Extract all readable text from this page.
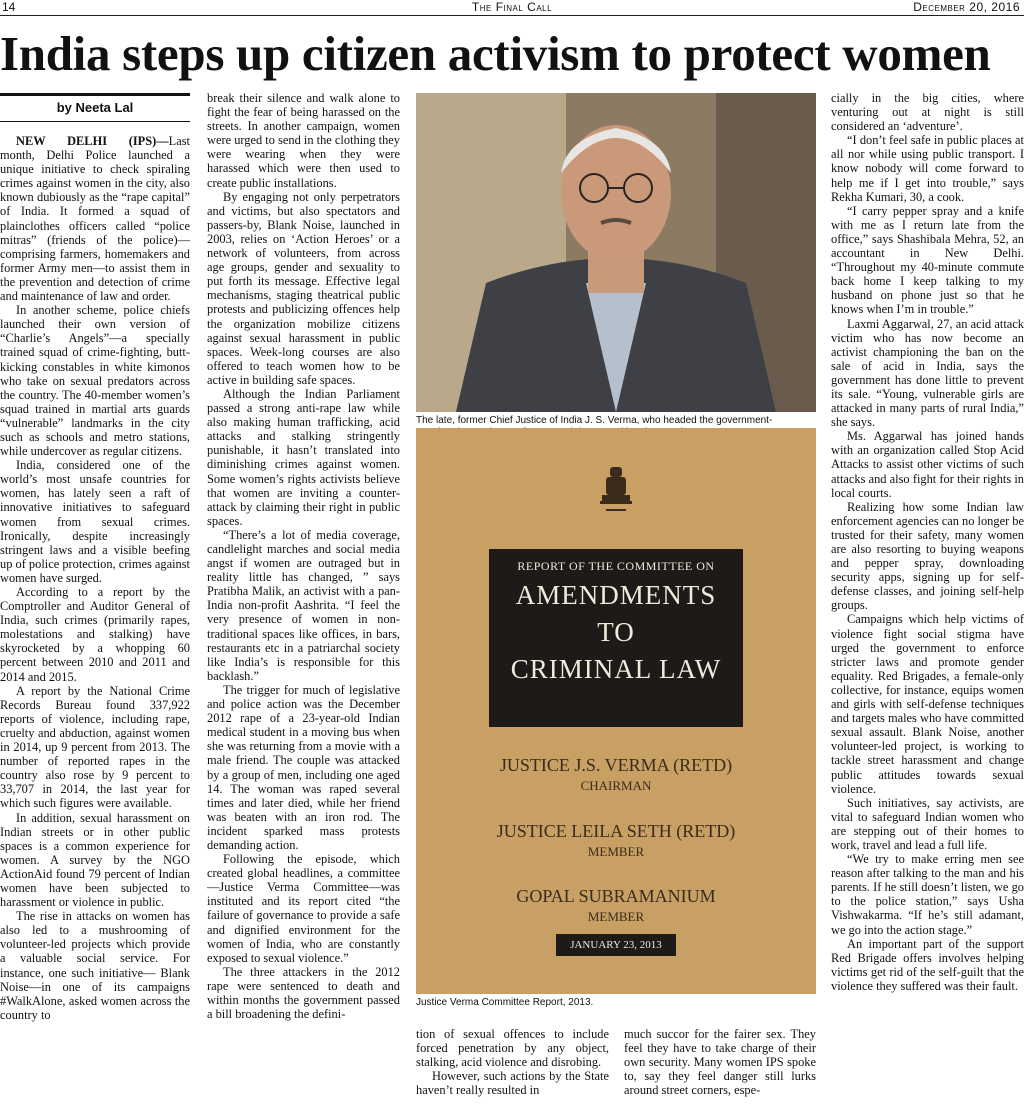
14	The Final Call	December 20, 2016
India steps up citizen activism to protect women
by Neeta Lal

NEW DELHI (IPS)—Last month, Delhi Police launched a unique initiative to check spiraling crimes against women in the city, also known dubiously as the “rape capital” of India. It formed a squad of plainclothes officers called “police mitras” (friends of the police)—comprising farmers, homemakers and former Army men—to assist them in the prevention and detection of crime and maintenance of law and order.

In another scheme, police chiefs launched their own version of “Charlie’s Angels”—a specially trained squad of crime-fighting, butt-kicking constables in white kimonos who take on sexual predators across the country. The 40-member women’s squad trained in martial arts guards “vulnerable” landmarks in the city such as schools and metro stations, while undercover as regular citizens.

India, considered one of the world’s most unsafe countries for women, has lately seen a raft of innovative initiatives to safeguard women from sexual crimes. Ironically, despite increasingly stringent laws and a visible beefing up of police protection, crimes against women have surged.

According to a report by the Comptroller and Auditor General of India, such crimes (primarily rapes, molestations and stalking) have skyrocketed by a whopping 60 percent between 2010 and 2011 and 2014 and 2015.

A report by the National Crime Records Bureau found 337,922 reports of violence, including rape, cruelty and abduction, against women in 2014, up 9 percent from 2013. The number of reported rapes in the country also rose by 9 percent to 33,707 in 2014, the last year for which such figures were available.

In addition, sexual harassment on Indian streets or in other public spaces is a common experience for women. A survey by the NGO ActionAid found 79 percent of Indian women have been subjected to harassment or violence in public.

The rise in attacks on women has also led to a mushrooming of volunteer-led projects which provide a valuable social service. For instance, one such initiative— Blank Noise—in one of its campaigns #WalkAlone, asked women across the country to

break their silence and walk alone to fight the fear of being harassed on the streets. In another campaign, women were urged to send in the clothing they were wearing when they were harassed which were then used to create public installations.

By engaging not only perpetrators and victims, but also spectators and passers-by, Blank Noise, launched in 2003, relies on ‘Action Heroes’ or a network of volunteers, from across age groups, gender and sexuality to put forth its message. Effective legal mechanisms, staging theatrical public protests and publicizing offences help the organization mobilize citizens against sexual harassment in public spaces. Week-long courses are also offered to teach women how to be active in building safe spaces.

Although the Indian Parliament passed a strong anti-rape law while also making human trafficking, acid attacks and stalking stringently punishable, it hasn’t translated into diminishing crimes against women. Some women’s rights activists believe that women are inviting a counter-attack by claiming their right in public spaces.

“There’s a lot of media coverage, candlelight marches and social media angst if women are outraged but in reality little has changed, ” says Pratibha Malik, an activist with a pan-India non-profit Aashrita. “I feel the very presence of women in non-traditional spaces like offices, in bars, restaurants etc in a patriarchal society like India’s is responsible for this backlash.”

The trigger for much of legislative and police action was the December 2012 rape of a 23-year-old Indian medical student in a moving bus when she was returning from a movie with a male friend. The couple was attacked by a group of men, including one aged 14. The woman was raped several times and later died, while her friend was beaten with an iron rod. The incident sparked mass protests demanding action.

Following the episode, which created global headlines, a committee—Justice Verma Committee—was instituted and its report cited “the failure of governance to provide a safe and dignified environment for the women of India, who are constantly exposed to sexual violence.”

The three attackers in the 2012 rape were sentenced to death and within months the government passed a bill broadening the defini-

The late, former Chief Justice of India J. S. Verma, who headed the government-
REPORT OF THE COMMITTEE ON
AMENDMENTS
TO
CRIMINAL LAW
JUSTICE J.S. VERMA (RETD)
CHAIRMAN
JUSTICE LEILA SETH (RETD)
MEMBER
GOPAL SUBRAMANIUM
MEMBER
JANUARY 23, 2013
Justice Verma Committee Report, 2013.

tion of sexual offences to include forced penetration by any object, stalking, acid violence and disrobing.

However, such actions by the State haven’t really resulted in

much succor for the fairer sex. They feel they have to take charge of their own security. Many women IPS spoke to, say they feel danger still lurks around street corners, espe-

cially in the big cities, where venturing out at night is still considered an ‘adventure’.

“I don’t feel safe in public places at all nor while using public transport. I know nobody will come forward to help me if I get into trouble,” says Rekha Kumari, 30, a cook.

“I carry pepper spray and a knife with me as I return late from the office,” says Shashibala Mehra, 52, an accountant in New Delhi. “Throughout my 40-minute commute back home I keep talking to my husband on phone just so that he knows when I’m in trouble.”

Laxmi Aggarwal, 27, an acid attack victim who has now become an activist championing the ban on the sale of acid in India, says the government has done little to prevent its sale. “Young, vulnerable girls are attacked in many parts of rural India,” she says.

Ms. Aggarwal has joined hands with an organization called Stop Acid Attacks to assist other victims of such attacks and also fight for their rights in local courts.

Realizing how some Indian law enforcement agencies can no longer be trusted for their safety, many women are also resorting to buying weapons and pepper spray, downloading security apps, signing up for self-defense classes, and joining self-help groups.

Campaigns which help victims of violence fight social stigma have urged the government to enforce stricter laws and promote gender equality. Red Brigades, a female-only collective, for instance, equips women and girls with self-defense techniques and targets males who have committed sexual assault. Blank Noise, another volunteer-led project, is working to tackle street harassment and change public attitudes towards sexual violence.

Such initiatives, say activists, are vital to safeguard Indian women who are stepping out of their homes to work, travel and lead a full life.

“We try to make erring men see reason after talking to the man and his parents. If he still doesn’t listen, we go to the police station,” says Usha Vishwakarma. “If he’s still adamant, we go into the action stage.”

An important part of the support Red Brigade offers involves helping victims get rid of the self-guilt that the violence they suffered was their fault.
